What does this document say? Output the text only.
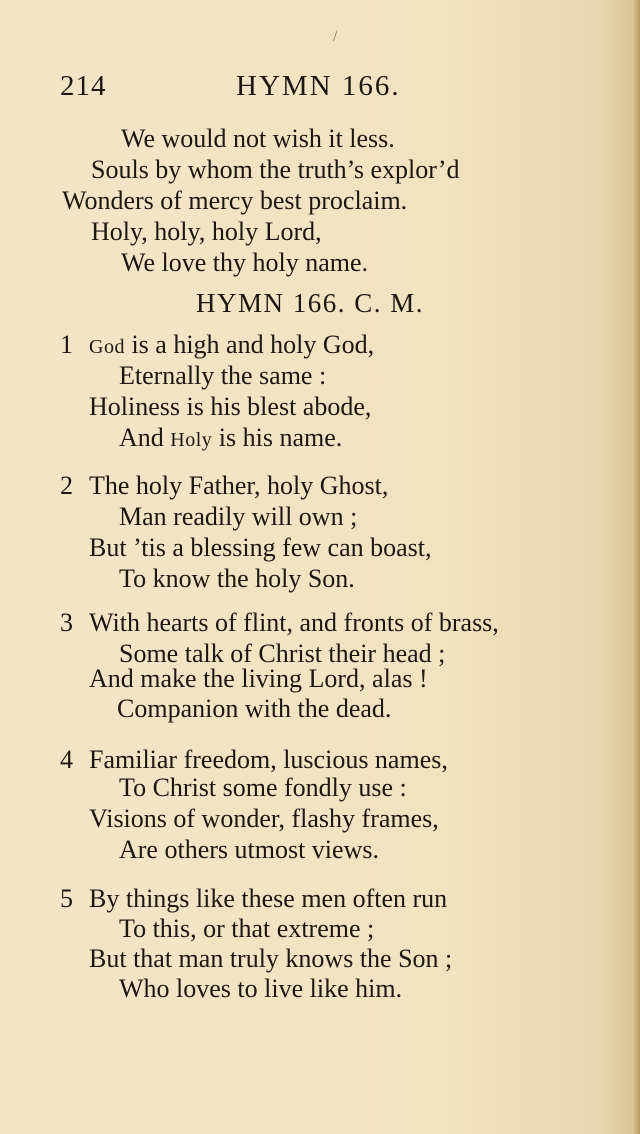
/
214	HYMN 166.
We would not wish it less.
Souls by whom the truth’s explor’d
Wonders of mercy best proclaim.
Holy, holy, holy Lord,
We love thy holy name.
HYMN 166. C. M.
1 God is a high and holy God,
Eternally the same :
Holiness is his blest abode,
And Holy is his name.
2 The holy Father, holy Ghost,
Man readily will own ;
But ’tis a blessing few can boast,
To know the holy Son.
3 With hearts of flint, and fronts of brass,
Some talk of Christ their head ;
And make the living Lord, alas !
Companion with the dead.
4 Familiar freedom, luscious names,
To Christ some fondly use :
Visions of wonder, flashy frames,
Are others utmost views.
5 By things like these men often run
To this, or that extreme ;
But that man truly knows the Son ;
Who loves to live like him.
